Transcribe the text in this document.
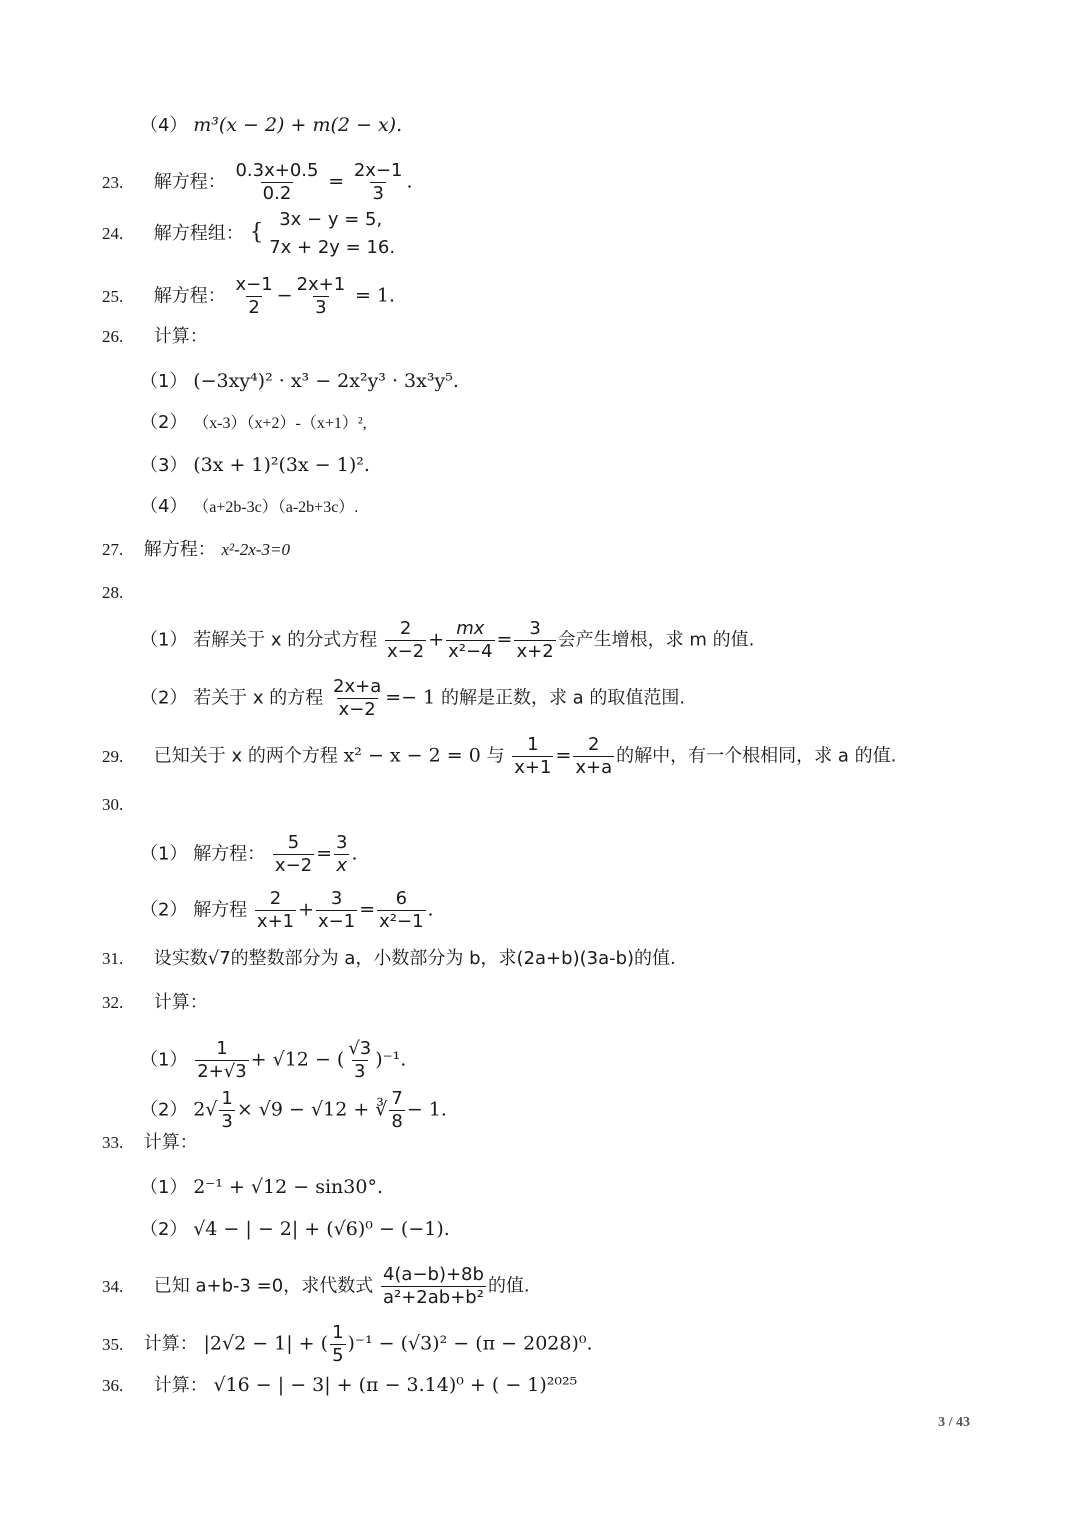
（4） m³(x − 2) + m(2 − x).
23. 解方程： $\frac{0.3x+0.5}{0.2} = \frac{2x-1}{3}$ .
24. 解方程组： {
3x − y = 5,
7x + 2y = 16.
25. 解方程： $\frac{x-1}{2} - \frac{2x+1}{3} = 1$.
26. 计算：
（1） (−3xy⁴)² · x³ − 2x²y³ · 3x³y⁵.
（2） （x-3）（x+2）-（x+1）²,
（3） (3x + 1)²(3x − 1)².
（4） （a+2b-3c）（a-2b+3c）.
27. 解方程： x²-2x-3=0
28.
（1） 若解关于 x 的分式方程 $\frac{2}{x-2} + \frac{mx}{\text{x²−4}} = \frac{3}{x+2}$ 会产生增根，求 m 的值.
（2） 若关于 x 的方程 $\frac{2x+a}{x-2} =- 1$ 的解是正数，求 a 的取值范围.
29. 已知关于 x 的两个方程 x² − x − 2 = 0 与 $\frac{1}{x+1} = \frac{2}{x+a}$ 的解中，有一个根相同，求 a 的值.
30.
（1） 解方程： $\frac{5}{x-2} = \frac{3}{x}$ .
（2） 解方程 $\frac{2}{x+1} + \frac{3}{x-1} = \frac{6}{\text{x²−1}}$ .
31. 设实数√7的整数部分为 a，小数部分为 b，求(2a+b)(3a-b)的值.
32. 计算：
$(1) \frac{1}{2+√3} + √12$ − ( $\frac{√3}{3} )^{-1}$.
（2） $2√ \frac{1}{3} \times √9 - √12$ + ∛ $\frac{7}{8} - 1$.
33. 计算：
（1） 2⁻¹ + √12 − sin30°.
（2） √4 − | − 2| + (√6)⁰ − (−1).
34. 已知 a+b-3 =0，求代数式 $\frac{4(a-b)+8b}{\text{a²+2ab+b²}}$ 的值.
35. 计算： |2√2 − 1| + ( $\frac{1}{5} )^{-1} - (√3)^2 - (\pi - 2028)^0$.
36. 计算： √16 − | − 3| + (π − 3.14)⁰ + ( − 1)²⁰²⁵
3 / 43
